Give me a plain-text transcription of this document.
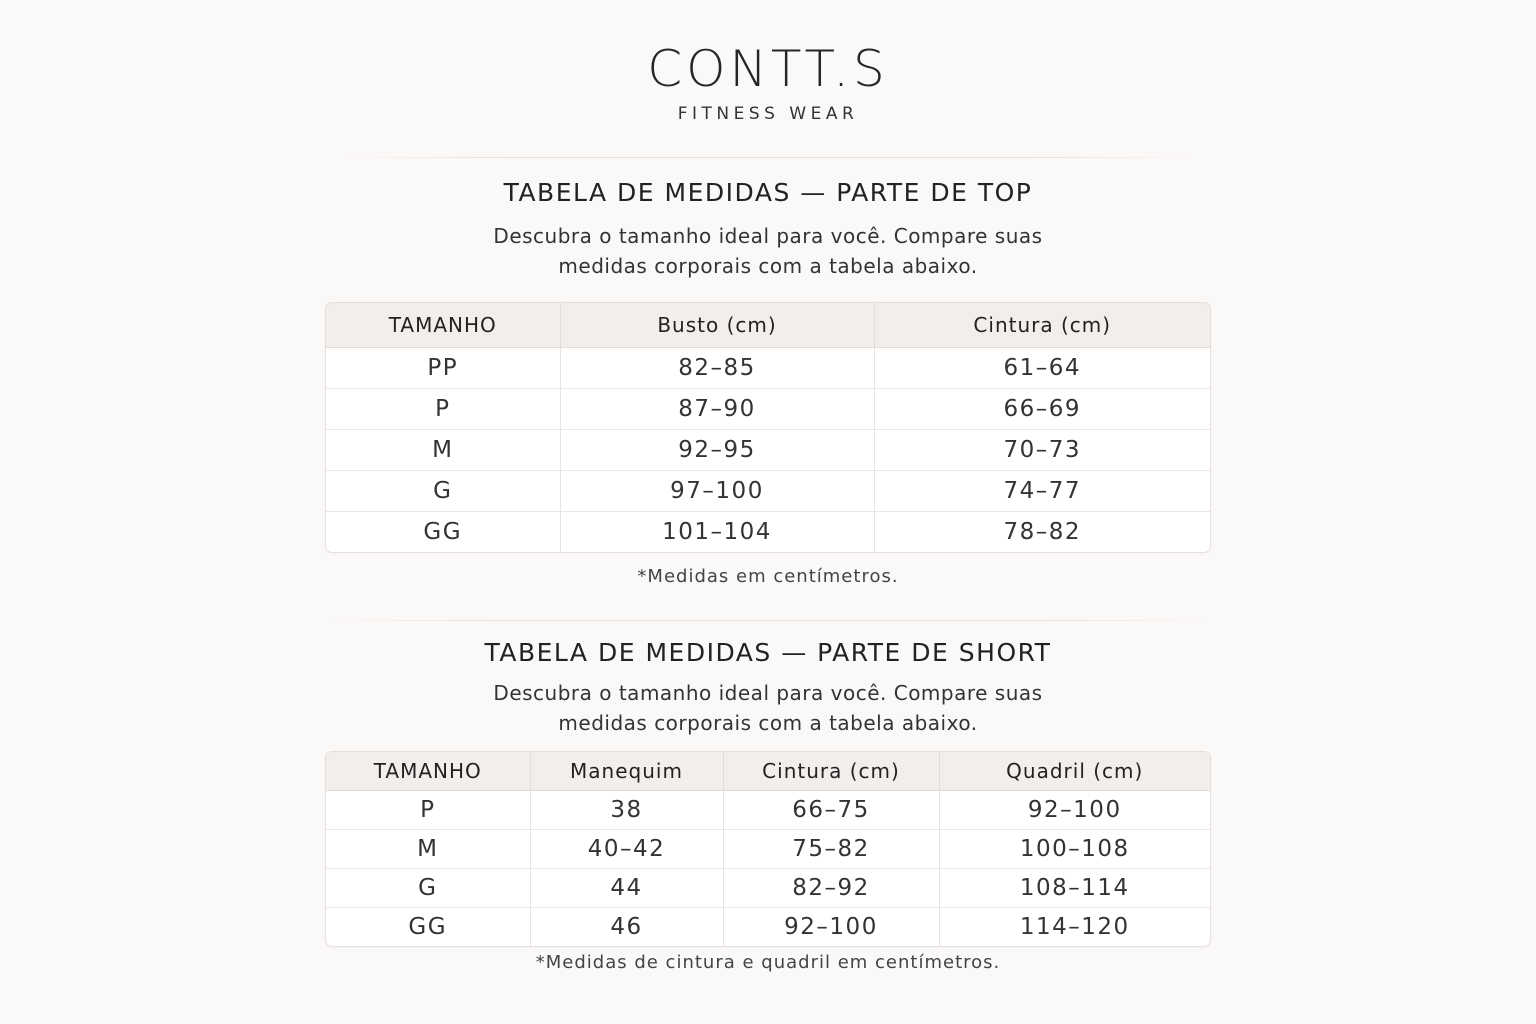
CONTT.S
FITNESS WEAR
TABELA DE MEDIDAS — PARTE DE TOP
Descubra o tamanho ideal para você. Compare suas
medidas corporais com a tabela abaixo.
TAMANHO	Busto (cm)	Cintura (cm)
PP	82–85	61–64
P	87–90	66–69
M	92–95	70–73
G	97–100	74–77
GG	101–104	78–82
*Medidas em centímetros.
TABELA DE MEDIDAS — PARTE DE SHORT
Descubra o tamanho ideal para você. Compare suas
medidas corporais com a tabela abaixo.
TAMANHO	Manequim	Cintura (cm)	Quadril (cm)
P	38	66–75	92–100
M	40–42	75–82	100–108
G	44	82–92	108–114
GG	46	92–100	114–120
*Medidas de cintura e quadril em centímetros.
